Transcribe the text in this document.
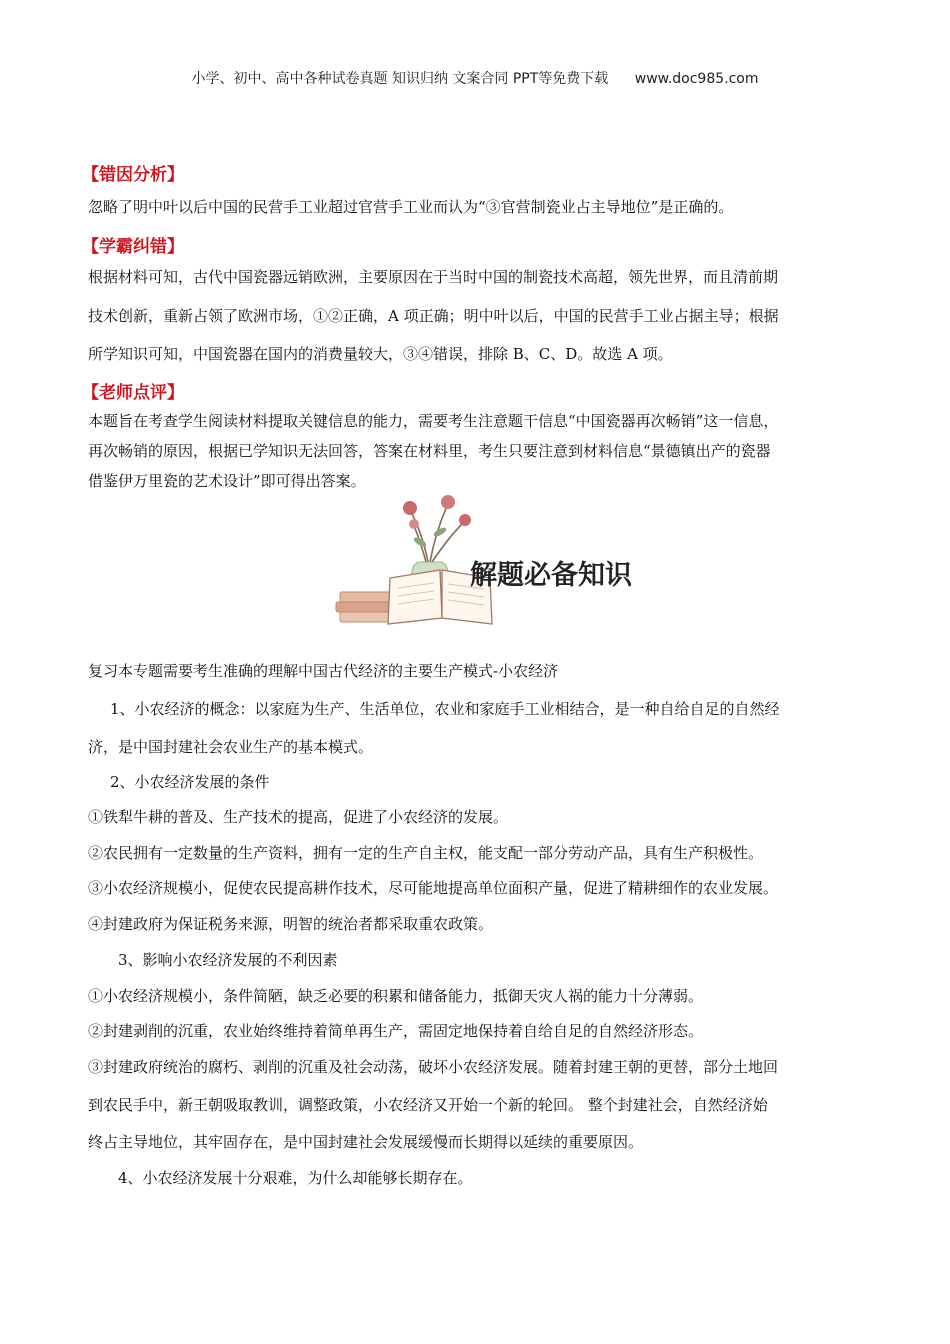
小学、初中、高中各种试卷真题 知识归纳 文案合同 PPT等免费下载 www.doc985.com
【错因分析】
忽略了明中叶以后中国的民营手工业超过官营手工业而认为“③官营制瓷业占主导地位”是正确的。
【学霸纠错】
根据材料可知，古代中国瓷器远销欧洲，主要原因在于当时中国的制瓷技术高超，领先世界，而且清前期
技术创新，重新占领了欧洲市场，①②正确，A 项正确；明中叶以后，中国的民营手工业占据主导；根据
所学知识可知，中国瓷器在国内的消费量较大，③④错误，排除 B、C、D。故选 A 项。
【老师点评】
本题旨在考查学生阅读材料提取关键信息的能力，需要考生注意题干信息“中国瓷器再次畅销”这一信息，
再次畅销的原因，根据已学知识无法回答，答案在材料里，考生只要注意到材料信息“景德镇出产的瓷器
借鉴伊万里瓷的艺术设计”即可得出答案。
解题必备知识
复习本专题需要考生准确的理解中国古代经济的主要生产模式-小农经济
1、小农经济的概念：以家庭为生产、生活单位，农业和家庭手工业相结合，是一种自给自足的自然经
济，是中国封建社会农业生产的基本模式。
2、小农经济发展的条件
①铁犁牛耕的普及、生产技术的提高，促进了小农经济的发展。
②农民拥有一定数量的生产资料，拥有一定的生产自主权，能支配一部分劳动产品，具有生产积极性。
③小农经济规模小，促使农民提高耕作技术，尽可能地提高单位面积产量，促进了精耕细作的农业发展。
④封建政府为保证税务来源，明智的统治者都采取重农政策。
3、影响小农经济发展的不利因素
①小农经济规模小，条件简陋，缺乏必要的积累和储备能力，抵御天灾人祸的能力十分薄弱。
②封建剥削的沉重，农业始终维持着简单再生产，需固定地保持着自给自足的自然经济形态。
③封建政府统治的腐朽、剥削的沉重及社会动荡，破坏小农经济发展。随着封建王朝的更替，部分土地回
到农民手中，新王朝吸取教训，调整政策，小农经济又开始一个新的轮回。 整个封建社会，自然经济始
终占主导地位，其牢固存在，是中国封建社会发展缓慢而长期得以延续的重要原因。
4、小农经济发展十分艰难，为什么却能够长期存在。
